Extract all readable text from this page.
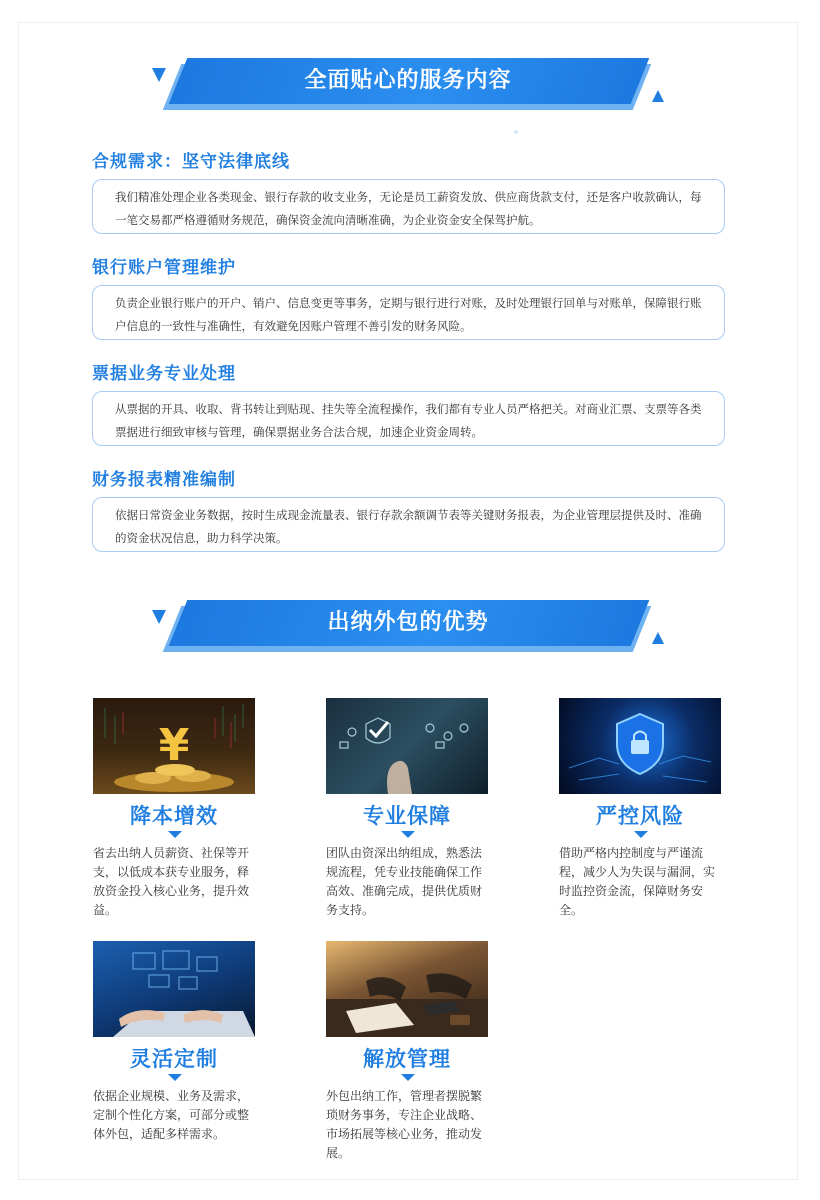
全面贴心的服务内容
合规需求：坚守法律底线
我们精准处理企业各类现金、银行存款的收支业务，无论是员工薪资发放、供应商货款支付，还是客户收款确认，每一笔交易都严格遵循财务规范，确保资金流向清晰准确，为企业资金安全保驾护航。
银行账户管理维护
负责企业银行账户的开户、销户、信息变更等事务，定期与银行进行对账，及时处理银行回单与对账单，保障银行账户信息的一致性与准确性，有效避免因账户管理不善引发的财务风险。
票据业务专业处理
从票据的开具、收取、背书转让到贴现、挂失等全流程操作，我们都有专业人员严格把关。对商业汇票、支票等各类票据进行细致审核与管理，确保票据业务合法合规，加速企业资金周转。
财务报表精准编制
依据日常资金业务数据，按时生成现金流量表、银行存款余额调节表等关键财务报表，为企业管理层提供及时、准确的资金状况信息，助力科学决策。
出纳外包的优势
¥
降本增效
省去出纳人员薪资、社保等开支，以低成本获专业服务，释放资金投入核心业务，提升效益。
专业保障
团队由资深出纳组成，熟悉法规流程，凭专业技能确保工作高效、准确完成，提供优质财务支持。
严控风险
借助严格内控制度与严谨流程，减少人为失误与漏洞，实时监控资金流，保障财务安全。
灵活定制
依据企业规模、业务及需求，定制个性化方案，可部分或整体外包，适配多样需求。
解放管理
外包出纳工作，管理者摆脱繁琐财务事务，专注企业战略、市场拓展等核心业务，推动发展。
